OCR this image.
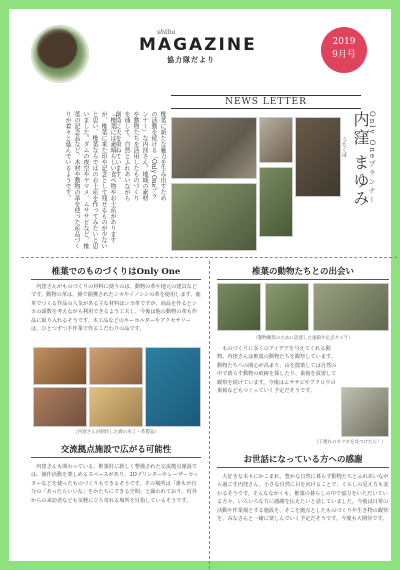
shiiba
MAGAZINE
協力隊だより
2019
9月号
NEWS LETTER
「椎葉には素晴らしい食べ物やお土産がありますが、椎葉に来た印や記念として残せるものが少ないと思い、椎葉ならではのお土産を作ってみたいと思いました。ダムの夜空やヤマメ、ムササビなど、椎葉の記念品など、木材や動物の革を使った産品づくりが着々と進んでいるようです。	椎葉に新たな魅力を生み出すための活動を続ける「Only Oneプランナー」な内窪さん。地域の素材や動物たちを活用したものづくりを通して、自然とふれあいながら創造に夫を重ねています。	Only Oneプランナー
内窪 まゆみ
うちくぼ
椎葉でのものづくりはOnly One
内窪さんがものづくりの材料に使うのは、動物の革や地元の建具などです。動物の革は、猟で捕獲されたシカやイノシシの革を使用します。鹿革でつくる作品の人気がある主な材料はシカ革ですが、商品を作るとシカの頭数を考えながら利用できるよう工夫し、今後は他の動物の革も作品に取り入れるそうです。木工品などのキーホルダーやアクセサリーは、ひとつずつ手作業で作るこだわりの品です。
（内窪さんが制作した鹿の木工・革製品）
交流拠点施設で広がる可能性
内窪さんも関わっている、椎葉村に新しく整備された交流拠点施設では、制作活動を楽しめるスペースがあり、3Dプリンターやレーザーカッターなどを使ったものづくりもできるそうです。その場所は「誰もが自分の「あったらいいな」をかたちにできる空間」と謳われており、村外からの来訪者なども気軽に立ち寄れる場所を目指しているそうです。
椎葉の動物たちとの出会い
（動物観察のために設置した巣箱や定点カメラ）
ものづくりに多くのアイデアを与えてくれる動物。内窪さんは椎葉の動物たちを観察しています。動物たちへの関心が高まり、山を散策しては自然の中で暮らす動物の痕跡を探したり、巣箱を設置して観察を続けています。今後はムササビやフクロウの巣箱などもつくっていく予定だそうです。
（子連れのキツネを見つけたら！）
お世話になっている方への感謝
大好きな木々にかこまれ、豊かな自然に暮らす動物たちとふれあいながら過ごす内窪さん。小さな自然に目を向けることで、くらしの見え方も変わるそうです。そんなながくも、椎葉の暮らしの中で協力をいただいている方々、いろいろな方に感謝を伝えたいと話していました。今後は日常の活動や作業場とする施設を、そこを拠点としたものづくりや生き物の観察を、みなさんと一緒に楽しんでいく予定だそうです。今後も大期待です。
